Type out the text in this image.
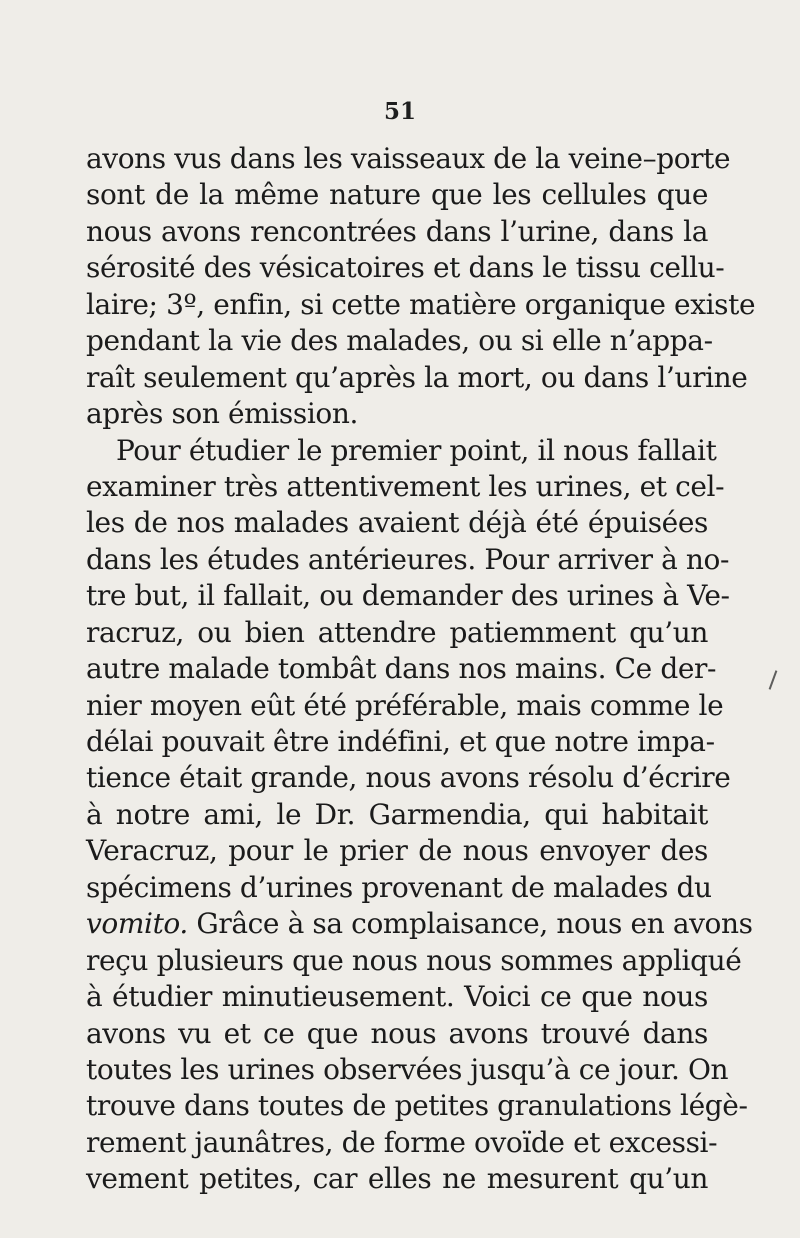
51
avons vus dans les vaisseaux de la veine–porte
sont de la même nature que les cellules que
nous avons rencontrées dans l’urine, dans la
sérosité des vésicatoires et dans le tissu cellu-
laire; 3º, enfin, si cette matière organique existe
pendant la vie des malades, ou si elle n’appa-
raît seulement qu’après la mort, ou dans l’urine
après son émission.
Pour étudier le premier point, il nous fallait
examiner très attentivement les urines, et cel-
les de nos malades avaient déjà été épuisées
dans les études antérieures. Pour arriver à no-
tre but, il fallait, ou demander des urines à Ve-
racruz, ou bien attendre patiemment qu’un
autre malade tombât dans nos mains. Ce der-
nier moyen eût été préférable, mais comme le
délai pouvait être indéfini, et que notre impa-
tience était grande, nous avons résolu d’écrire
à notre ami, le Dr. Garmendia, qui habitait
Veracruz, pour le prier de nous envoyer des
spécimens d’urines provenant de malades du
vomito. Grâce à sa complaisance, nous en avons
reçu plusieurs que nous nous sommes appliqué
à étudier minutieusement. Voici ce que nous
avons vu et ce que nous avons trouvé dans
toutes les urines observées jusqu’à ce jour. On
trouve dans toutes de petites granulations légè-
rement jaunâtres, de forme ovoïde et excessi-
vement petites, car elles ne mesurent qu’un
